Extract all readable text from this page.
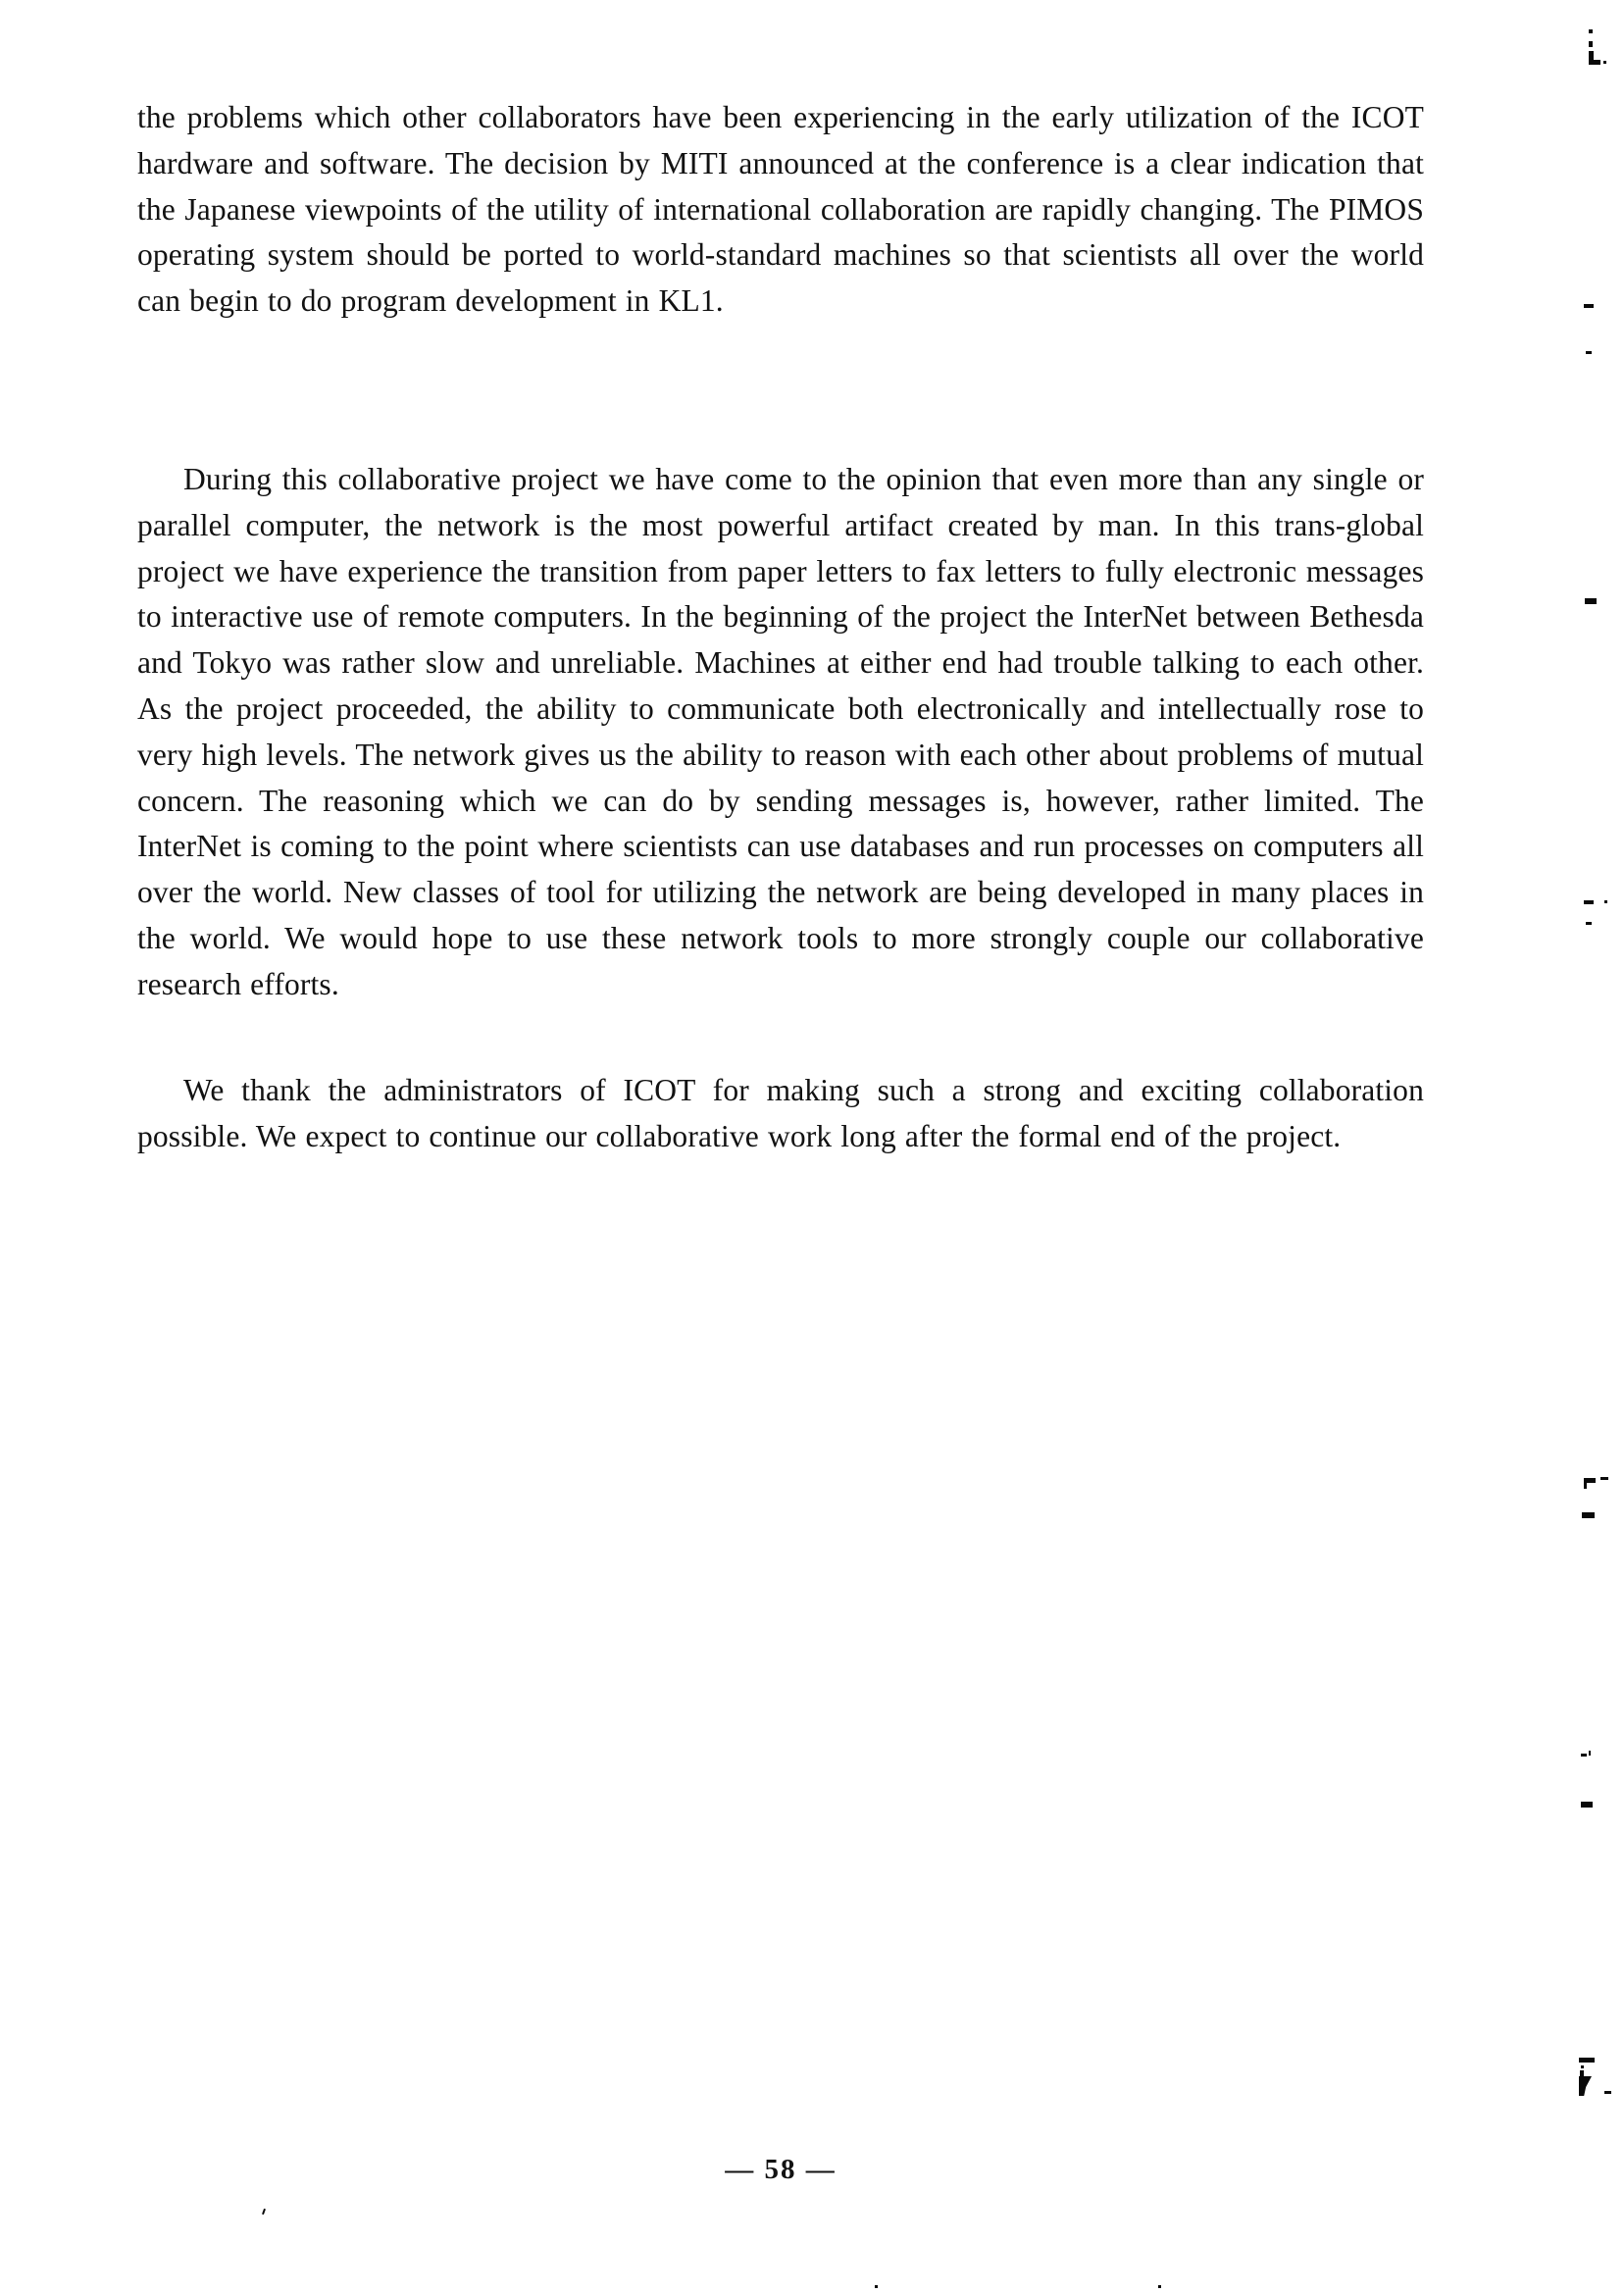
the problems which other collaborators have been experiencing in the early utilization of the ICOT hardware and software. The decision by MITI announced at the conference is a clear indication that the Japanese viewpoints of the utility of international collaboration are rapidly changing. The PIMOS operating system should be ported to world-standard machines so that scientists all over the world can begin to do program development in KL1.

During this collaborative project we have come to the opinion that even more than any single or parallel computer, the network is the most powerful artifact created by man. In this trans-global project we have experience the transition from paper letters to fax letters to fully electronic messages to interactive use of remote computers. In the beginning of the project the InterNet between Bethesda and Tokyo was rather slow and unreliable. Machines at either end had trouble talking to each other. As the project proceeded, the ability to communicate both electronically and intellectually rose to very high levels. The network gives us the ability to reason with each other about problems of mutual concern. The reasoning which we can do by sending messages is, however, rather limited. The InterNet is coming to the point where scientists can use databases and run processes on computers all over the world. New classes of tool for utilizing the network are being developed in many places in the world. We would hope to use these network tools to more strongly couple our collaborative research efforts.

We thank the administrators of ICOT for making such a strong and exciting collaboration possible. We expect to continue our collaborative work long after the formal end of the project.

— 58 —
